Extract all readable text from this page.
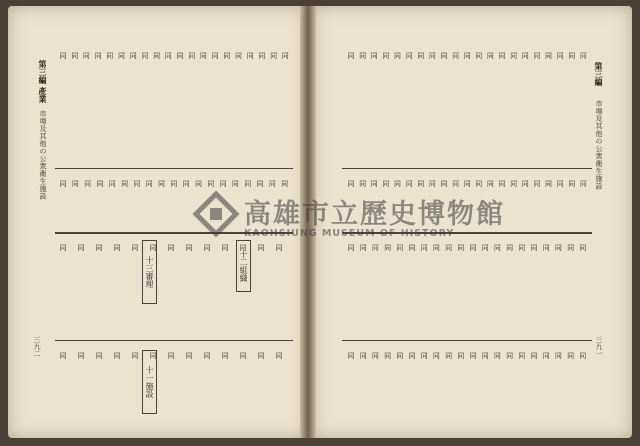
第三編 產業
市場及其他の公衆衛生施設
三九二
十三審理	十二組織
十一施設
同
同
同
同
同
同
同
同
同
同
同
同
同
同
同
同
同
同
同
同
同
同
同
同
同
同
同
同
同
同
同
同
同
同
同
同
同
同
同
同
同
同
同
同
同
同
同
同
同
同
同
同
同
同
同
同
同
同
同
同
同
同
同
同
同
第三編
市場及其他の公衆衛生施設
三九一
同
同
同
同
同
同
同
同
同
同
同
同
同
同
同
同
同
同
同
同
同
同
同
同
同
同
同
同
同
同
同
同
同
同
同
同
同
同
同
同
同
同
同
同
同
同
同
同
同
同
同
同
同
同
同
同
同
同
同
同
同
同
同
同
同
同
同
同
同
同
同
同
同
同
同
同
同
同
同
同
同
同
高雄市立歷史博物館
KAOHSIUNG MUSEUM OF HISTORY
